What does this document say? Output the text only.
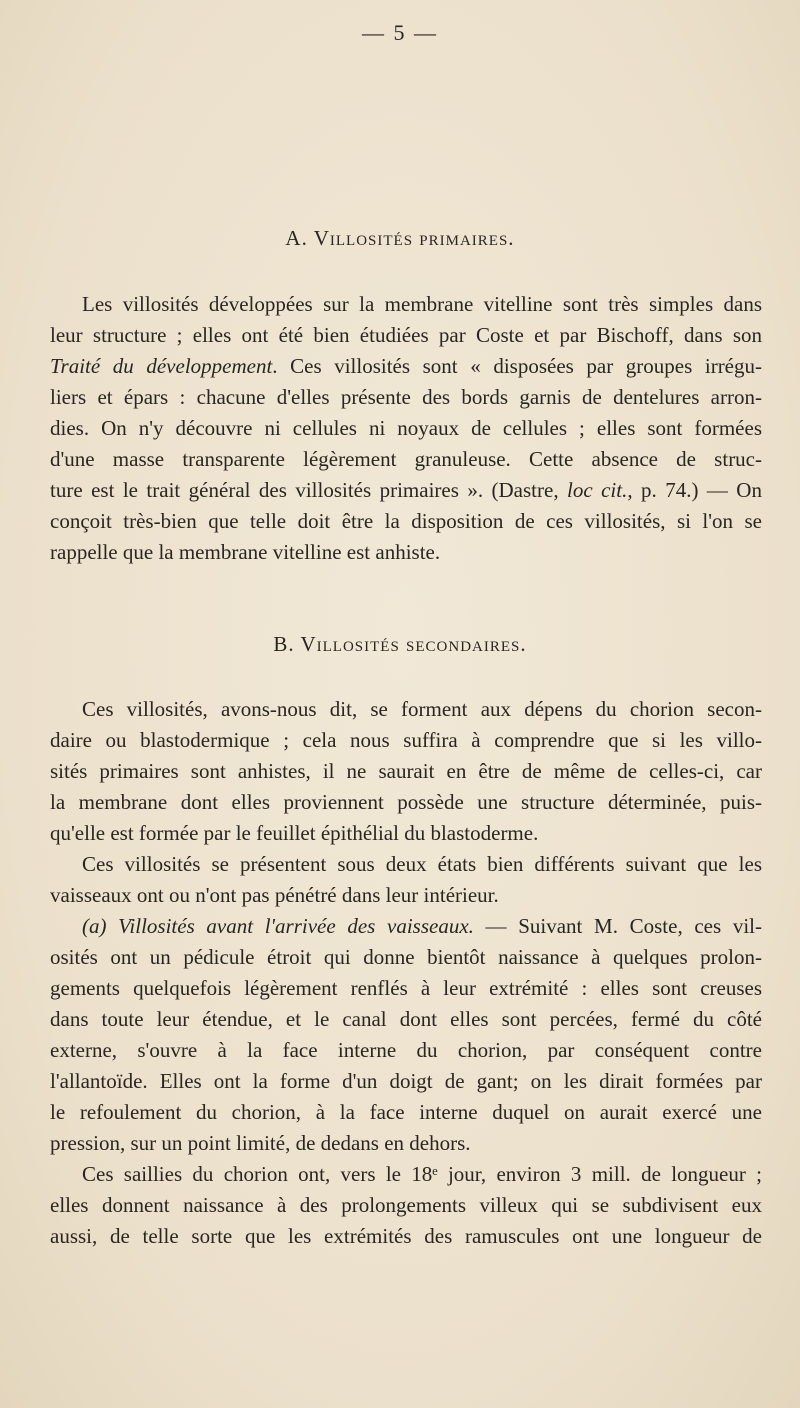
— 5 —
A. Villosités primaires.
B. Villosités secondaires.
Les villosités développées sur la membrane vitelline sont très simples dans
leur structure ; elles ont été bien étudiées par Coste et par Bischoff, dans son
Traité du développement. Ces villosités sont « disposées par groupes irrégu-
liers et épars : chacune d'elles présente des bords garnis de dentelures arron-
dies. On n'y découvre ni cellules ni noyaux de cellules ; elles sont formées
d'une masse transparente légèrement granuleuse. Cette absence de struc-
ture est le trait général des villosités primaires ». (Dastre, loc cit., p. 74.) — On
conçoit très-bien que telle doit être la disposition de ces villosités, si l'on se
rappelle que la membrane vitelline est anhiste.
Ces villosités, avons-nous dit, se forment aux dépens du chorion secon-
daire ou blastodermique ; cela nous suffira à comprendre que si les villo-
sités primaires sont anhistes, il ne saurait en être de même de celles-ci, car
la membrane dont elles proviennent possède une structure déterminée, puis-
qu'elle est formée par le feuillet épithélial du blastoderme.
Ces villosités se présentent sous deux états bien différents suivant que les
vaisseaux ont ou n'ont pas pénétré dans leur intérieur.
(a) Villosités avant l'arrivée des vaisseaux. — Suivant M. Coste, ces vil-
osités ont un pédicule étroit qui donne bientôt naissance à quelques prolon-
gements quelquefois légèrement renflés à leur extrémité : elles sont creuses
dans toute leur étendue, et le canal dont elles sont percées, fermé du côté
externe, s'ouvre à la face interne du chorion, par conséquent contre
l'allantoïde. Elles ont la forme d'un doigt de gant; on les dirait formées par
le refoulement du chorion, à la face interne duquel on aurait exercé une
pression, sur un point limité, de dedans en dehors.
Ces saillies du chorion ont, vers le 18ᵉ jour, environ 3 mill. de longueur ;
elles donnent naissance à des prolongements villeux qui se subdivisent eux
aussi, de telle sorte que les extrémités des ramuscules ont une longueur de
